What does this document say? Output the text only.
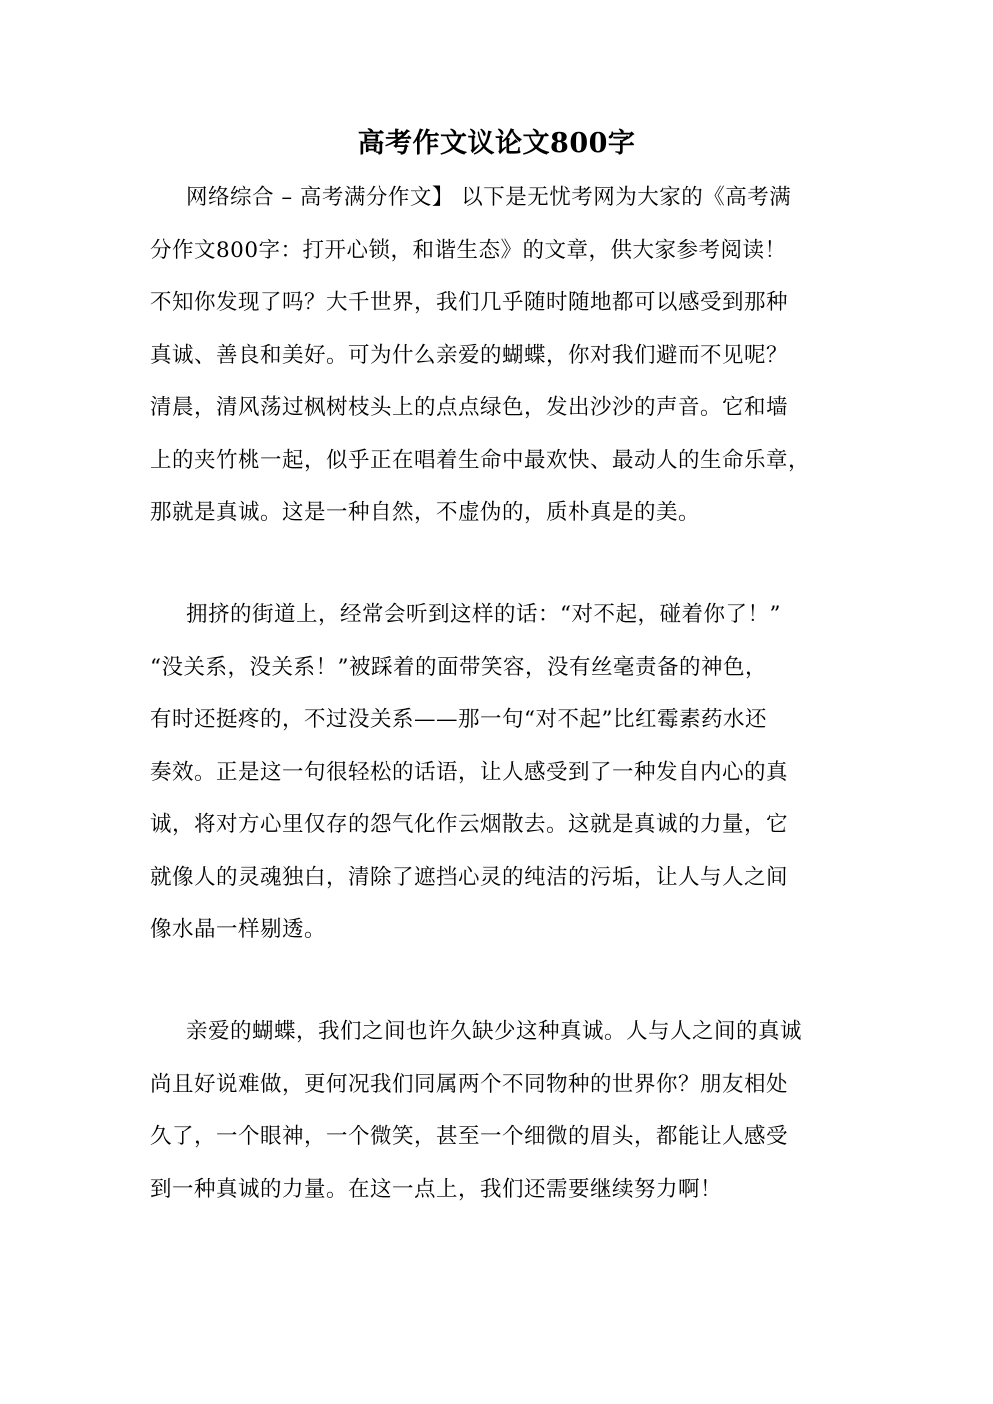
高考作文议论文800字
网络综合 – 高考满分作文】 以下是无忧考网为大家的《高考满
分作文800字：打开心锁，和谐生态》的文章，供大家参考阅读！
不知你发现了吗？大千世界，我们几乎随时随地都可以感受到那种
真诚、善良和美好。可为什么亲爱的蝴蝶，你对我们避而不见呢？
清晨，清风荡过枫树枝头上的点点绿色，发出沙沙的声音。它和墙
上的夹竹桃一起，似乎正在唱着生命中最欢快、最动人的生命乐章，
那就是真诚。这是一种自然，不虚伪的，质朴真是的美。
拥挤的街道上，经常会听到这样的话：“对不起，碰着你了！”
“没关系，没关系！”被踩着的面带笑容，没有丝毫责备的神色，
有时还挺疼的，不过没关系——那一句“对不起”比红霉素药水还
奏效。正是这一句很轻松的话语，让人感受到了一种发自内心的真
诚，将对方心里仅存的怨气化作云烟散去。这就是真诚的力量，它
就像人的灵魂独白，清除了遮挡心灵的纯洁的污垢，让人与人之间
像水晶一样剔透。
亲爱的蝴蝶，我们之间也许久缺少这种真诚。人与人之间的真诚
尚且好说难做，更何况我们同属两个不同物种的世界你？朋友相处
久了，一个眼神，一个微笑，甚至一个细微的眉头，都能让人感受
到一种真诚的力量。在这一点上，我们还需要继续努力啊！
